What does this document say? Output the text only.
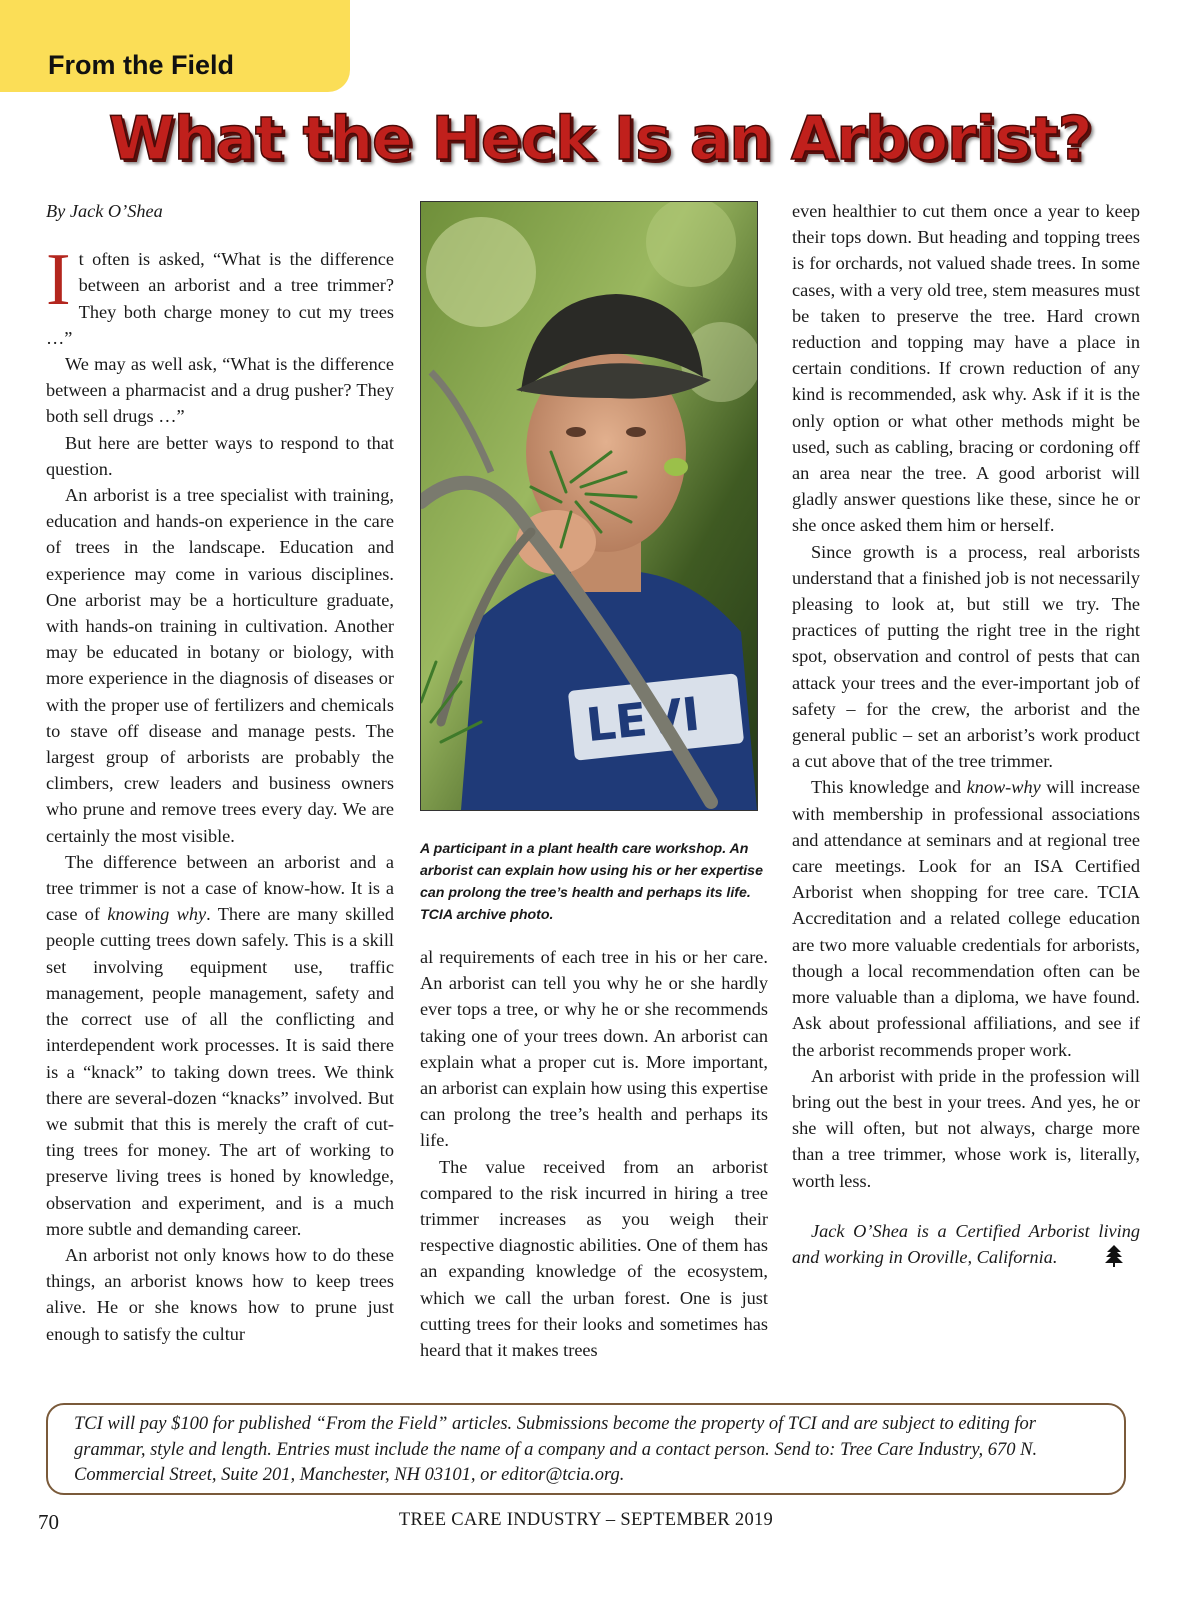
From the Field
What the Heck Is an Arborist?

By Jack O’Shea

It often is asked, “What is the difference between an arborist and a tree trimmer? They both charge money to cut my trees …”

We may as well ask, “What is the difference between a pharmacist and a drug pusher? They both sell drugs …”

But here are better ways to respond to that question.

An arborist is a tree specialist with training, education and hands-on experience in the care of trees in the landscape. Education and experience may come in various disciplines. One arborist may be a horticulture graduate, with hands-on training in cultivation. Another may be educated in botany or biology, with more experience in the diagnosis of diseases or with the proper use of fertilizers and chemicals to stave off disease and manage pests. The largest group of arborists are probably the climbers, crew leaders and business owners who prune and remove trees every day. We are certainly the most visible.

The difference between an arborist and a tree trimmer is not a case of know-how. It is a case of knowing why. There are many skilled people cutting trees down safely. This is a skill set involving equipment use, traffic management, people management, safety and the correct use of all the conflicting and interdependent work processes. It is said there is a “knack” to taking down trees. We think there are several-dozen “knacks” involved. But we submit that this is merely the craft of cutting trees for money. The art of working to preserve living trees is honed by knowledge, observation and experiment, and is a much more subtle and demanding career.

An arborist not only knows how to do these things, an arborist knows how to keep trees alive. He or she knows how to prune just enough to satisfy the cultur

LEVI
A participant in a plant health care workshop. An arborist can explain how using his or her expertise can prolong the tree’s health and perhaps its life. TCIA archive photo.

al requirements of each tree in his or her care. An arborist can tell you why he or she hardly ever tops a tree, or why he or she recommends taking one of your trees down. An arborist can explain what a proper cut is. More important, an arborist can explain how using this expertise can prolong the tree’s health and perhaps its life.

The value received from an arborist compared to the risk incurred in hiring a tree trimmer increases as you weigh their respective diagnostic abilities. One of them has an expanding knowledge of the ecosystem, which we call the urban forest. One is just cutting trees for their looks and sometimes has heard that it makes trees

even healthier to cut them once a year to keep their tops down. But heading and topping trees is for orchards, not valued shade trees. In some cases, with a very old tree, stem measures must be taken to preserve the tree. Hard crown reduction and topping may have a place in certain conditions. If crown reduction of any kind is recommended, ask why. Ask if it is the only option or what other methods might be used, such as cabling, bracing or cordoning off an area near the tree. A good arborist will gladly answer questions like these, since he or she once asked them him or herself.

Since growth is a process, real arborists understand that a finished job is not necessarily pleasing to look at, but still we try. The practices of putting the right tree in the right spot, observation and control of pests that can attack your trees and the ever-important job of safety – for the crew, the arborist and the general public – set an arborist’s work product a cut above that of the tree trimmer.

This knowledge and know-why will increase with membership in professional associations and attendance at seminars and at regional tree care meetings. Look for an ISA Certified Arborist when shopping for tree care. TCIA Accreditation and a related college education are two more valuable credentials for arborists, though a local recommendation often can be more valuable than a diploma, we have found. Ask about professional affiliations, and see if the arborist recommends proper work.

An arborist with pride in the profession will bring out the best in your trees. And yes, he or she will often, but not always, charge more than a tree trimmer, whose work is, literally, worth less.

Jack O’Shea is a Certified Arborist living and working in Oroville, California.

TCI will pay $100 for published “From the Field” articles. Submissions become the property of TCI and are subject to editing for grammar, style and length. Entries must include the name of a company and a contact person. Send to: Tree Care Industry, 670 N. Commercial Street, Suite 201, Manchester, NH 03101, or editor@tcia.org.
70	TREE CARE INDUSTRY – SEPTEMBER 2019
